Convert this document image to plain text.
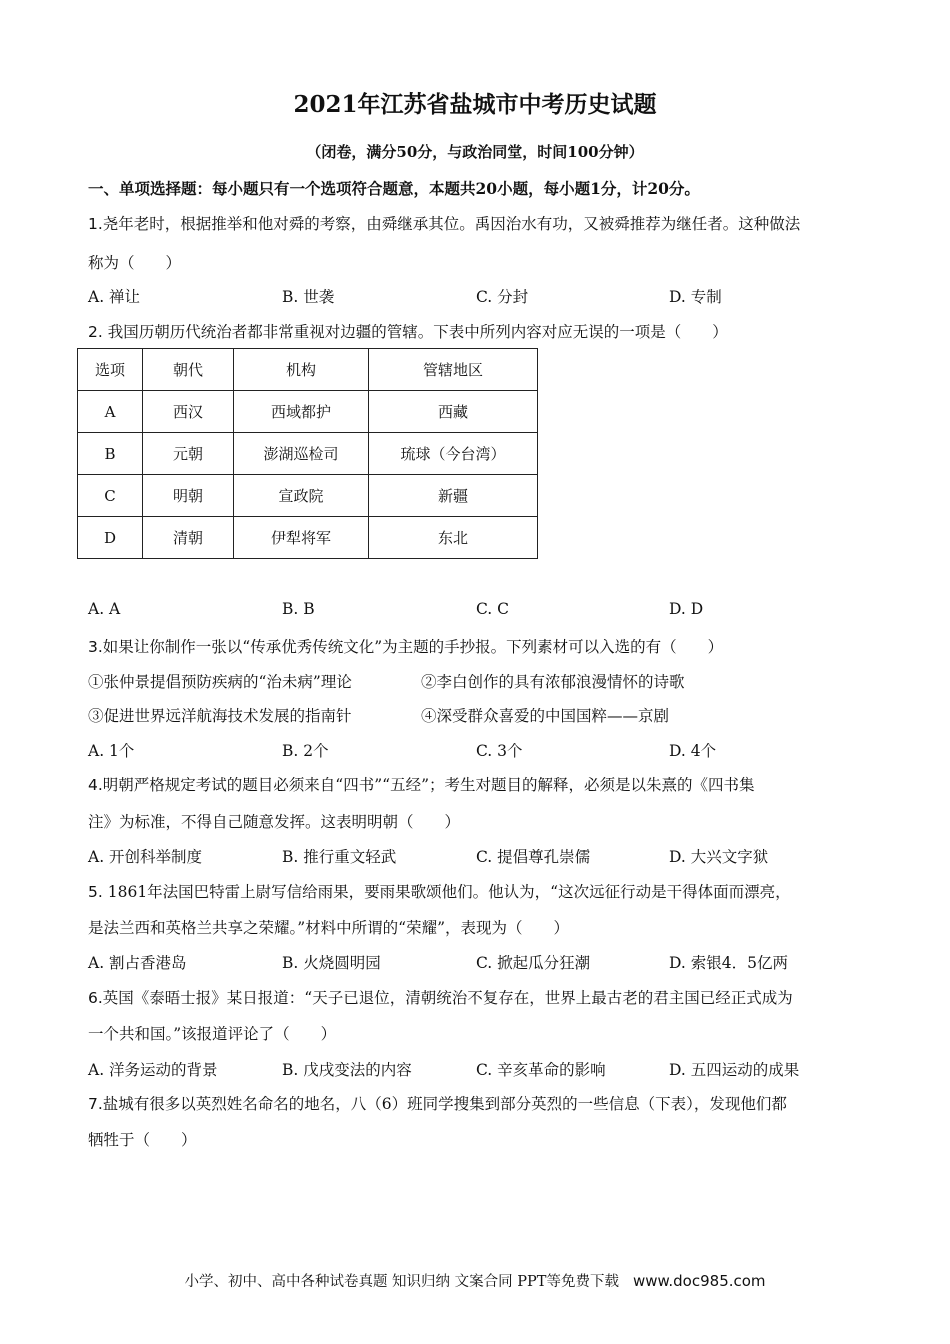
2021年江苏省盐城市中考历史试题
（闭卷，满分50分，与政治同堂，时间100分钟）
一、单项选择题：每小题只有一个选项符合题意，本题共20小题，每小题1分，计20分。
1.尧年老时，根据推举和他对舜的考察，由舜继承其位。禹因治水有功，又被舜推荐为继任者。这种做法
称为（　　）
A. 禅让	B. 世袭	C. 分封	D. 专制
2. 我国历朝历代统治者都非常重视对边疆的管辖。下表中所列内容对应无误的一项是（　　）
选项	朝代	机构	管辖地区
A	西汉	西域都护	西藏
B	元朝	澎湖巡检司	琉球（今台湾）
C	明朝	宣政院	新疆
D	清朝	伊犁将军	东北
A. A	B. B	C. C	D. D
3.如果让你制作一张以“传承优秀传统文化”为主题的手抄报。下列素材可以入选的有（　　）
①张仲景提倡预防疾病的“治未病”理论	②李白创作的具有浓郁浪漫情怀的诗歌
③促进世界远洋航海技术发展的指南针	④深受群众喜爱的中国国粹——京剧
A. 1个	B. 2个	C. 3个	D. 4个
4.明朝严格规定考试的题目必须来自“四书”“五经”；考生对题目的解释，必须是以朱熹的《四书集
注》为标准，不得自己随意发挥。这表明明朝（　　）
A. 开创科举制度	B. 推行重文轻武	C. 提倡尊孔崇儒	D. 大兴文字狱
5. 1861年法国巴特雷上尉写信给雨果，要雨果歌颂他们。他认为，“这次远征行动是干得体面而漂亮，
是法兰西和英格兰共享之荣耀。”材料中所谓的“荣耀”，表现为（　　）
A. 割占香港岛	B. 火烧圆明园	C. 掀起瓜分狂潮	D. 索银4．5亿两
6.英国《泰晤士报》某日报道：“天子已退位，清朝统治不复存在，世界上最古老的君主国已经正式成为
一个共和国。”该报道评论了（　　）
A. 洋务运动的背景	B. 戊戌变法的内容	C. 辛亥革命的影响	D. 五四运动的成果
7.盐城有很多以英烈姓名命名的地名，八（6）班同学搜集到部分英烈的一些信息（下表），发现他们都
牺牲于（　　）
小学、初中、高中各种试卷真题 知识归纳 文案合同 PPT等免费下载 www.doc985.com
